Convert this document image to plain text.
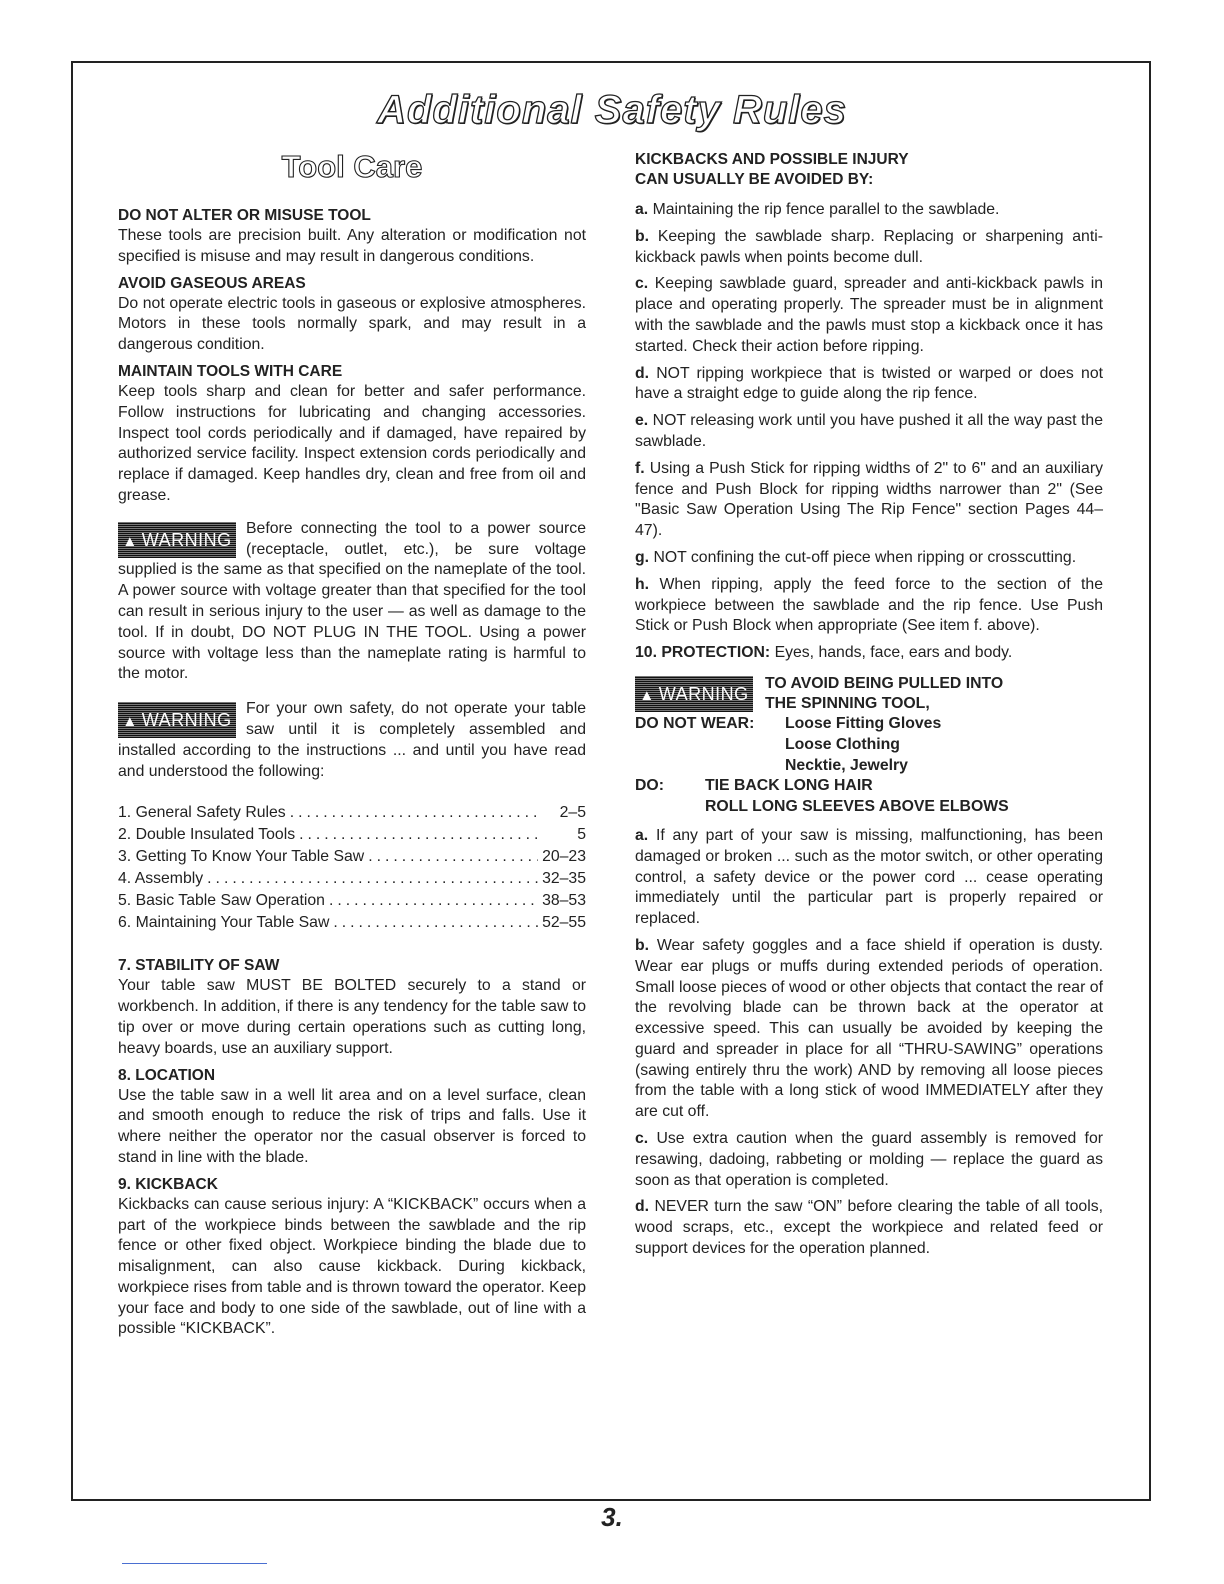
Additional Safety Rules
Tool Care
DO NOT ALTER OR MISUSE TOOL

These tools are precision built. Any alteration or modification not specified is misuse and may result in dangerous conditions.

AVOID GASEOUS AREAS

Do not operate electric tools in gaseous or explosive atmospheres. Motors in these tools normally spark, and may result in a dangerous condition.

MAINTAIN TOOLS WITH CARE

Keep tools sharp and clean for better and safer performance. Follow instructions for lubricating and changing accessories. Inspect tool cords periodically and if damaged, have repaired by authorized service facility. Inspect extension cords periodically and replace if damaged. Keep handles dry, clean and free from oil and grease.

▲ WARNING
Before connecting the tool to a power source (receptacle, outlet, etc.), be sure voltage supplied is the same as that specified on the nameplate of the tool. A power source with voltage greater than that specified for the tool can result in serious injury to the user — as well as damage to the tool. If in doubt, DO NOT PLUG IN THE TOOL. Using a power source with voltage less than the nameplate rating is harmful to the motor.

▲ WARNING
For your own safety, do not operate your table saw until it is completely assembled and installed according to the instructions ... and until you have read and understood the following:

1. General Safety Rules .....	2–5
2. Double Insulated Tools .....	5
3. Getting To Know Your Table Saw .....	20–23
4. Assembly .....	32–35
5. Basic Table Saw Operation .....	38–53
6. Maintaining Your Table Saw .....	52–55
7. STABILITY OF SAW

Your table saw MUST BE BOLTED securely to a stand or workbench. In addition, if there is any tendency for the table saw to tip over or move during certain operations such as cutting long, heavy boards, use an auxiliary support.

8. LOCATION

Use the table saw in a well lit area and on a level surface, clean and smooth enough to reduce the risk of trips and falls. Use it where neither the operator nor the casual observer is forced to stand in line with the blade.

9. KICKBACK

Kickbacks can cause serious injury: A “KICKBACK” occurs when a part of the workpiece binds between the sawblade and the rip fence or other fixed object. Workpiece binding the blade due to misalignment, can also cause kickback. During kickback, workpiece rises from table and is thrown toward the operator. Keep your face and body to one side of the sawblade, out of line with a possible “KICKBACK”.

KICKBACKS AND POSSIBLE INJURY
CAN USUALLY BE AVOIDED BY:

a. Maintaining the rip fence parallel to the sawblade.

b. Keeping the sawblade sharp. Replacing or sharpening anti-kickback pawls when points become dull.

c. Keeping sawblade guard, spreader and anti-kickback pawls in place and operating properly. The spreader must be in alignment with the sawblade and the pawls must stop a kickback once it has started. Check their action before ripping.

d. NOT ripping workpiece that is twisted or warped or does not have a straight edge to guide along the rip fence.

e. NOT releasing work until you have pushed it all the way past the sawblade.

f. Using a Push Stick for ripping widths of 2" to 6" and an auxiliary fence and Push Block for ripping widths narrower than 2" (See "Basic Saw Operation Using The Rip Fence" section Pages 44–47).

g. NOT confining the cut-off piece when ripping or crosscutting.

h. When ripping, apply the feed force to the section of the workpiece between the sawblade and the rip fence. Use Push Stick or Push Block when appropriate (See item f. above).

10. PROTECTION: Eyes, hands, face, ears and body.

▲ WARNING
TO AVOID BEING PULLED INTO
THE SPINNING TOOL,
DO NOT WEAR:	Loose Fitting Gloves
Loose Clothing
Necktie, Jewelry
DO:	TIE BACK LONG HAIR
ROLL LONG SLEEVES ABOVE ELBOWS

a. If any part of your saw is missing, malfunctioning, has been damaged or broken ... such as the motor switch, or other operating control, a safety device or the power cord ... cease operating immediately until the particular part is properly repaired or replaced.

b. Wear safety goggles and a face shield if operation is dusty. Wear ear plugs or muffs during extended periods of operation. Small loose pieces of wood or other objects that contact the rear of the revolving blade can be thrown back at the operator at excessive speed. This can usually be avoided by keeping the guard and spreader in place for all “THRU-SAWING” operations (sawing entirely thru the work) AND by removing all loose pieces from the table with a long stick of wood IMMEDIATELY after they are cut off.

c. Use extra caution when the guard assembly is removed for resawing, dadoing, rabbeting or molding — replace the guard as soon as that operation is completed.

d. NEVER turn the saw “ON” before clearing the table of all tools, wood scraps, etc., except the workpiece and related feed or support devices for the operation planned.

3.
